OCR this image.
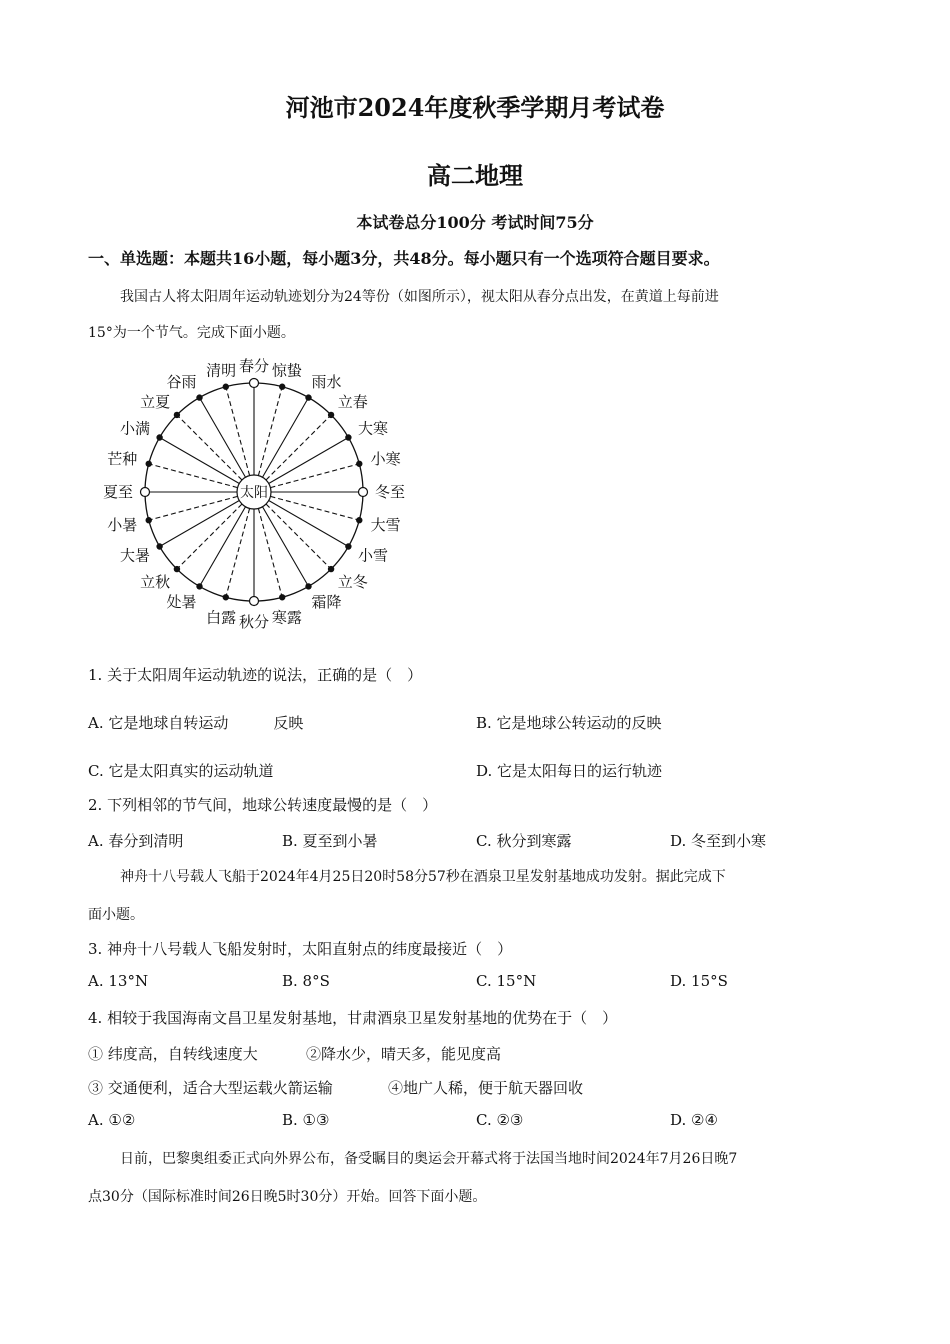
河池市2024年度秋季学期月考试卷
高二地理
本试卷总分100分 考试时间75分
一、单选题：本题共16小题，每小题3分，共48分。每小题只有一个选项符合题目要求。
我国古人将太阳周年运动轨迹划分为24等份（如图所示），视太阳从春分点出发，在黄道上每前进
15°为一个节气。完成下面小题。
春分 惊蛰
雨水
立春
大寒
小寒
冬至
大雪
小雪
立冬
霜降
寒露
秋分
白露
处暑
立秋
大暑
小暑
夏至
芒种
小满
立夏
谷雨
清明
太阳
1. 关于太阳周年运动轨迹的说法，正确的是（　）
A. 它是地球自转运动　　　反映	B. 它是地球公转运动的反映
C. 它是太阳真实的运动轨道	D. 它是太阳每日的运行轨迹
2. 下列相邻的节气间，地球公转速度最慢的是（　）
A. 春分到清明	B. 夏至到小暑	C. 秋分到寒露	D. 冬至到小寒
神舟十八号载人飞船于2024年4月25日20时58分57秒在酒泉卫星发射基地成功发射。据此完成下
面小题。
3. 神舟十八号载人飞船发射时，太阳直射点的纬度最接近（　）
A. 13°N	B. 8°S	C. 15°N	D. 15°S
4. 相较于我国海南文昌卫星发射基地，甘肃酒泉卫星发射基地的优势在于（　）
① 纬度高，自转线速度大	②降水少，晴天多，能见度高
③ 交通便利，适合大型运载火箭运输	④地广人稀，便于航天器回收
A. ①②	B. ①③	C. ②③	D. ②④
日前，巴黎奥组委正式向外界公布，备受瞩目的奥运会开幕式将于法国当地时间2024年7月26日晚7
点30分（国际标准时间26日晚5时30分）开始。回答下面小题。
